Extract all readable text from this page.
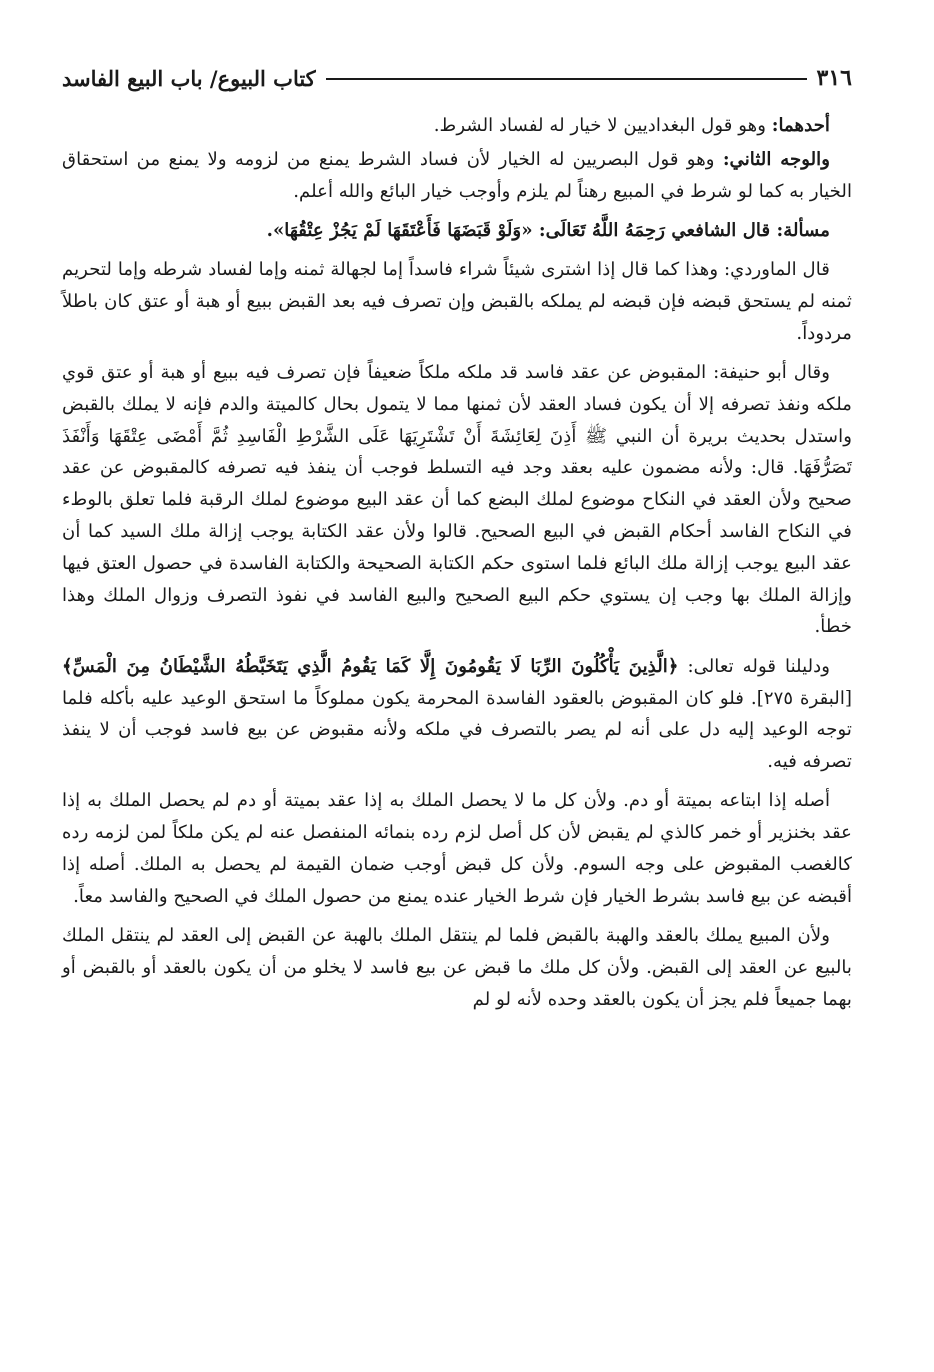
٣١٦
كتاب البيوع/ باب البيع الفاسد

أحدهما: وهو قول البغداديين لا خيار له لفساد الشرط.

والوجه الثاني: وهو قول البصريين له الخيار لأن فساد الشرط يمنع من لزومه ولا يمنع من استحقاق الخيار به كما لو شرط في المبيع رهناً لم يلزم وأوجب خيار البائع والله أعلم.

مسألة: قال الشافعي رَحِمَهُ اللَّهُ تَعَالَى: «وَلَوْ قَبَضَهَا فَأَعْتَقَهَا لَمْ يَجُزْ عِتْقُهَا».

قال الماوردي: وهذا كما قال إذا اشترى شيئاً شراء فاسداً إما لجهالة ثمنه وإما لفساد شرطه وإما لتحريم ثمنه لم يستحق قبضه فإن قبضه لم يملكه بالقبض وإن تصرف فيه بعد القبض ببيع أو هبة أو عتق كان باطلاً مردوداً.

وقال أبو حنيفة: المقبوض عن عقد فاسد قد ملكه ملكاً ضعيفاً فإن تصرف فيه ببيع أو هبة أو عتق قوي ملكه ونفذ تصرفه إلا أن يكون فساد العقد لأن ثمنها مما لا يتمول بحال كالميتة والدم فإنه لا يملك بالقبض واستدل بحديث بريرة أن النبي ﷺ أَذِنَ لِعَائِشَةَ أَنْ تَشْتَرِيَهَا عَلَى الشَّرْطِ الْفَاسِدِ ثُمَّ أَمْضَى عِتْقَهَا وَأَنْفَذَ تَصَرُّفَهَا. قال: ولأنه مضمون عليه بعقد وجد فيه التسلط فوجب أن ينفذ فيه تصرفه كالمقبوض عن عقد صحيح ولأن العقد في النكاح موضوع لملك البضع كما أن عقد البيع موضوع لملك الرقبة فلما تعلق بالوطء في النكاح الفاسد أحكام القبض في البيع الصحيح. قالوا ولأن عقد الكتابة يوجب إزالة ملك السيد كما أن عقد البيع يوجب إزالة ملك البائع فلما استوى حكم الكتابة الصحيحة والكتابة الفاسدة في حصول العتق فيها وإزالة الملك بها وجب إن يستوي حكم البيع الصحيح والبيع الفاسد في نفوذ التصرف وزوال الملك وهذا خطأ.

ودليلنا قوله تعالى: ﴿الَّذِينَ يَأْكُلُونَ الرِّبَا لَا يَقُومُونَ إِلَّا كَمَا يَقُومُ الَّذِي يَتَخَبَّطُهُ الشَّيْطَانُ مِنَ الْمَسِّ﴾ [البقرة ٢٧٥]. فلو كان المقبوض بالعقود الفاسدة المحرمة يكون مملوكاً ما استحق الوعيد عليه بأكله فلما توجه الوعيد إليه دل على أنه لم يصر بالتصرف في ملكه ولأنه مقبوض عن بيع فاسد فوجب أن لا ينفذ تصرفه فيه.

أصله إذا ابتاعه بميتة أو دم. ولأن كل ما لا يحصل الملك به إذا عقد بميتة أو دم لم يحصل الملك به إذا عقد بخنزير أو خمر كالذي لم يقبض لأن كل أصل لزم رده بنمائه المنفصل عنه لم يكن ملكاً لمن لزمه رده كالغصب المقبوض على وجه السوم. ولأن كل قبض أوجب ضمان القيمة لم يحصل به الملك. أصله إذا أقبضه عن بيع فاسد بشرط الخيار فإن شرط الخيار عنده يمنع من حصول الملك في الصحيح والفاسد معاً.

ولأن المبيع يملك بالعقد والهبة بالقبض فلما لم ينتقل الملك بالهبة عن القبض إلى العقد لم ينتقل الملك بالبيع عن العقد إلى القبض. ولأن كل ملك ما قبض عن بيع فاسد لا يخلو من أن يكون بالعقد أو بالقبض أو بهما جميعاً فلم يجز أن يكون بالعقد وحده لأنه لو لم
